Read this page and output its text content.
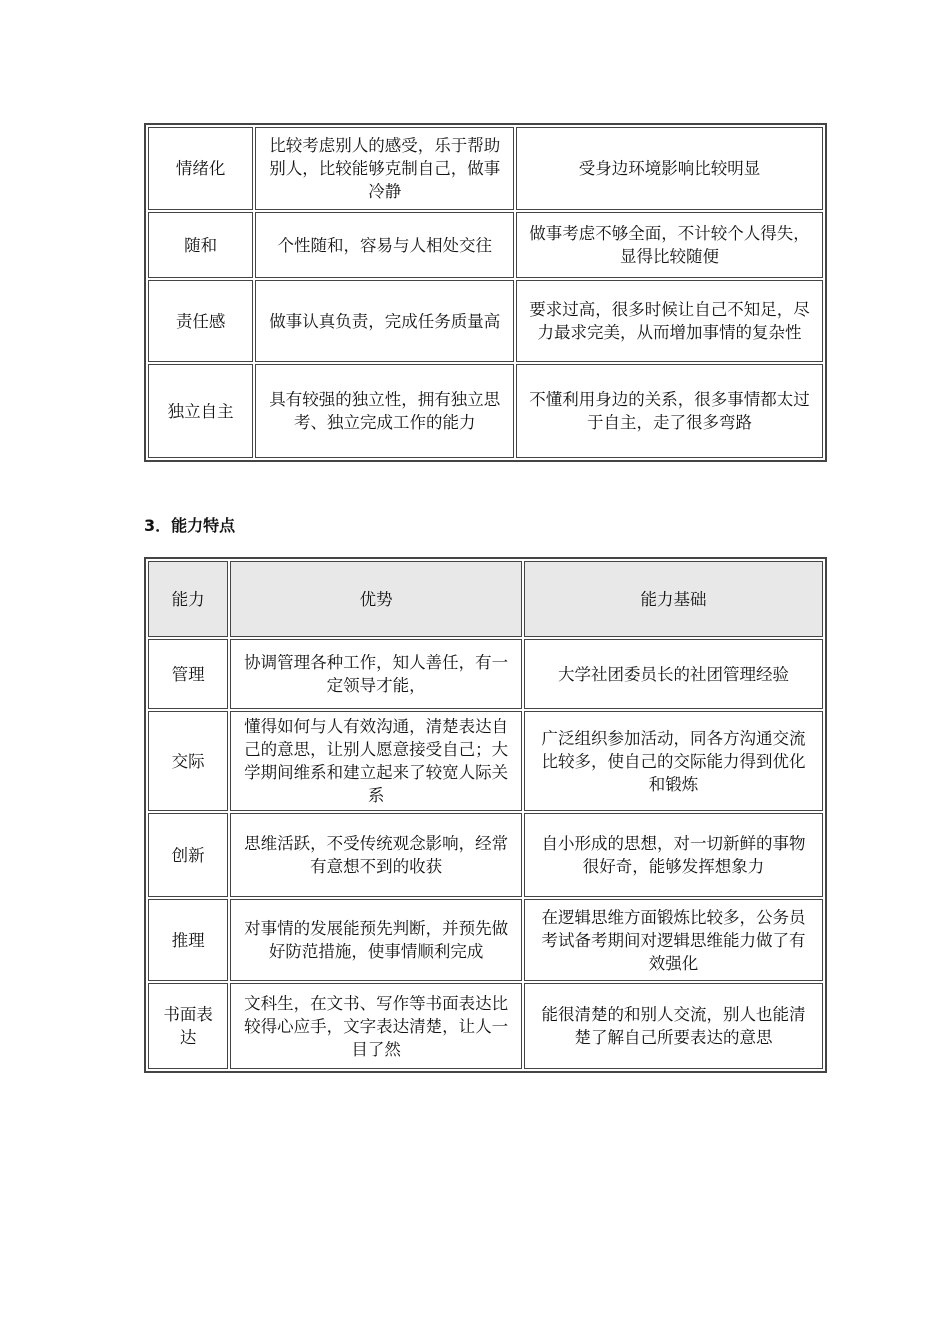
情绪化	比较考虑别人的感受，乐于帮助别人，比较能够克制自己，做事冷静	受身边环境影响比较明显
随和	个性随和，容易与人相处交往	做事考虑不够全面，不计较个人得失，显得比较随便
责任感	做事认真负责，完成任务质量高	要求过高，很多时候让自己不知足，尽力最求完美，从而增加事情的复杂性
独立自主	具有较强的独立性，拥有独立思考、独立完成工作的能力	不懂利用身边的关系，很多事情都太过于自主，走了很多弯路

3．能力特点

能力	优势	能力基础
管理	协调管理各种工作，知人善任，有一定领导才能，	大学社团委员长的社团管理经验
交际	懂得如何与人有效沟通，清楚表达自己的意思，让别人愿意接受自己；大学期间维系和建立起来了较宽人际关系	广泛组织参加活动，同各方沟通交流比较多，使自己的交际能力得到优化和锻炼
创新	思维活跃，不受传统观念影响，经常有意想不到的收获	自小形成的思想，对一切新鲜的事物很好奇，能够发挥想象力
推理	对事情的发展能预先判断，并预先做好防范措施，使事情顺利完成	在逻辑思维方面锻炼比较多，公务员考试备考期间对逻辑思维能力做了有效强化
书面表达	文科生，在文书、写作等书面表达比较得心应手，文字表达清楚，让人一目了然	能很清楚的和别人交流，别人也能清楚了解自己所要表达的意思
